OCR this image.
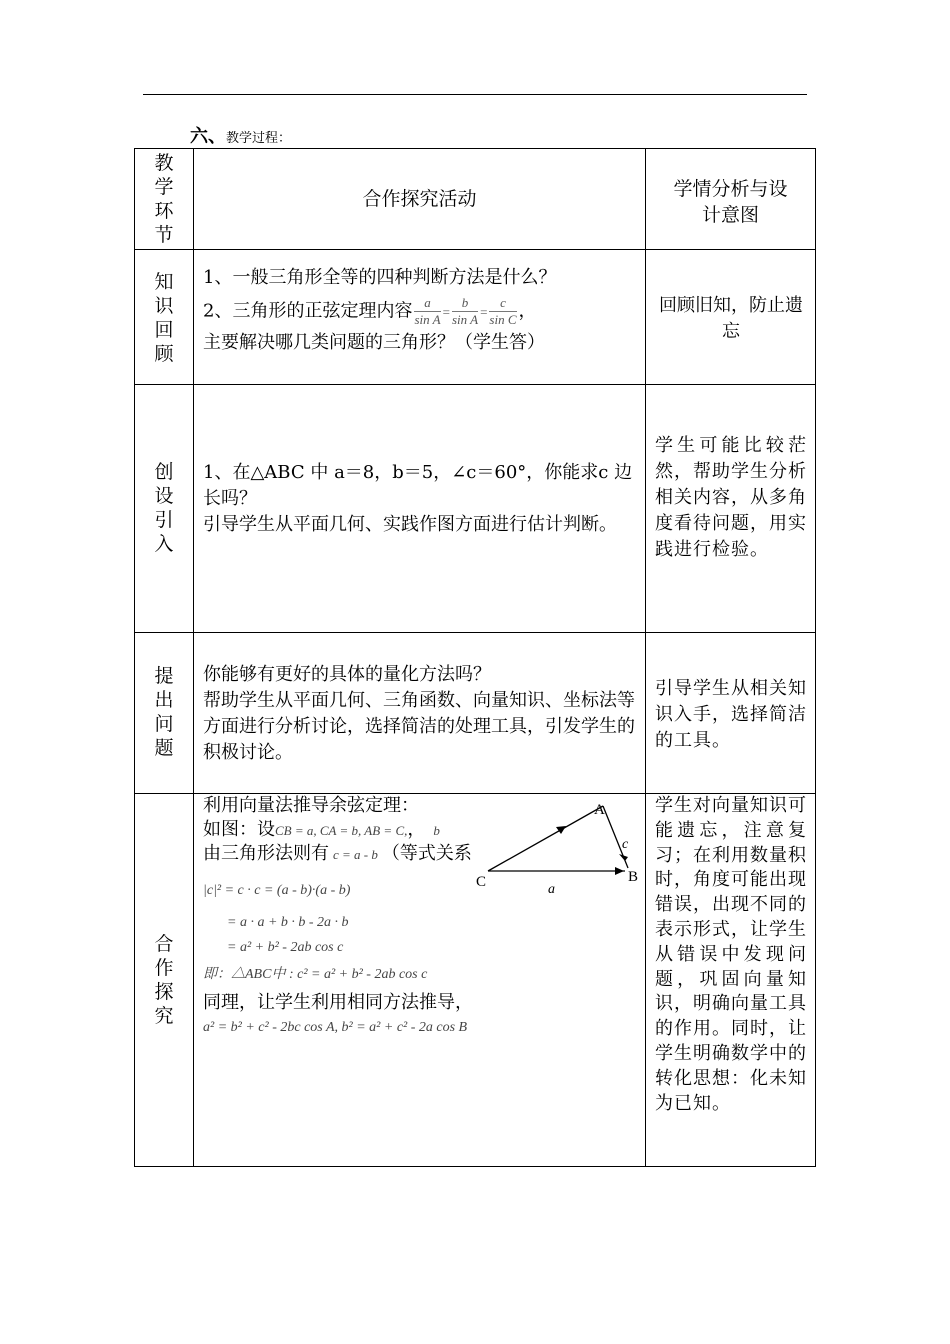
六、教学过程：
教学环节
合作探究活动	学情分析与设
计意图
知识回顾
1、一般三角形全等的四种判断方法是什么？
2、三角形的正弦定理内容 $\frac{a}{\text{sin A}} = \frac{b}{\text{sin A}} = \frac{c}{\text{sin C}}$ ，
主要解决哪几类问题的三角形？（学生答）
回顾旧知，防止遗忘
创设引入
1、在△ABC 中 a＝8，b＝5，∠c＝60°，你能求c 边长吗？
引导学生从平面几何、实践作图方面进行估计判断。
学生可能比较茫然，帮助学生分析相关内容，从多角度看待问题，用实践进行检验。
提出问题
你能够有更好的具体的量化方法吗？
帮助学生从平面几何、三角函数、向量知识、坐标法等方面进行分析讨论，选择简洁的处理工具，引发学生的积极讨论。
引导学生从相关知识入手，选择简洁的工具。
合作探究
利用向量法推导余弦定理：
如图：设CB = a, CA = b, AB = C,， b
由三角形法则有 c = a - b （等式关系
|c|² = c · c = (a - b)·(a - b)
= a · a + b · b - 2a · b
= a² + b² - 2ab cos c
即：△ABC中 : c² = a² + b² - 2ab cos c
同理，让学生利用相同方法推导，
a² = b² + c² - 2bc cos A, b² = a² + c² - 2a cos B
A
B
C	a
c
学生对向量知识可能遗忘，注意复习；在利用数量积时，角度可能出现错误，出现不同的表示形式，让学生从错误中发现问题，巩固向量知识，明确向量工具的作用。同时，让学生明确数学中的转化思想：化未知为已知。
